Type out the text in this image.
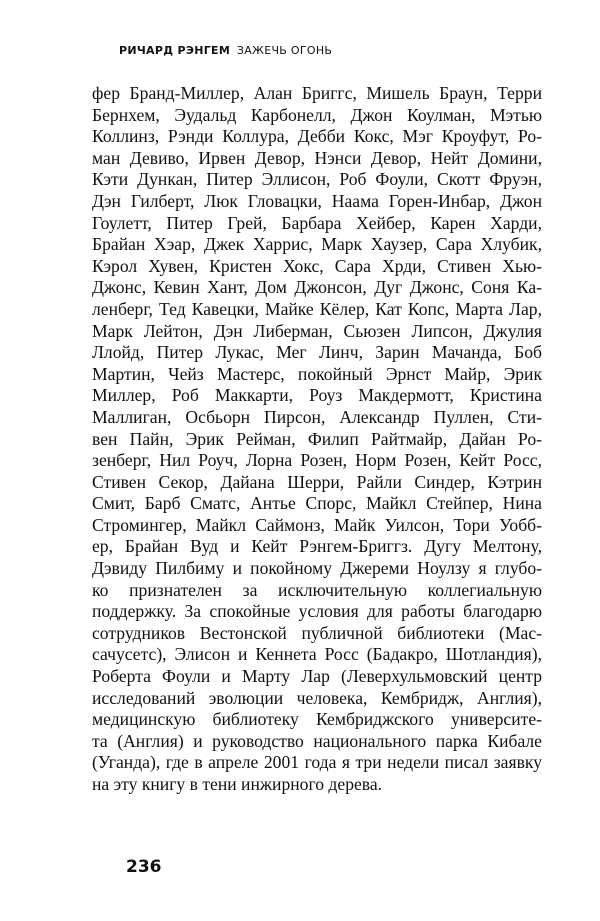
РИЧАРД РЭНГЕМ ЗАЖЕЧЬ ОГОНЬ
фер Бранд-Миллер, Алан Бриггс, Мишель Браун, Терри
Бернхем, Эудальд Карбонелл, Джон Коулман, Мэтью
Коллинз, Рэнди Коллура, Дебби Кокс, Мэг Кроуфут, Ро-
ман Девиво, Ирвен Девор, Нэнси Девор, Нейт Домини,
Кэти Дункан, Питер Эллисон, Роб Фоули, Скотт Фруэн,
Дэн Гилберт, Люк Гловацки, Наама Горен-Инбар, Джон
Гоулетт, Питер Грей, Барбара Хейбер, Карен Харди,
Брайан Хэар, Джек Харрис, Марк Хаузер, Сара Хлубик,
Кэрол Хувен, Кристен Хокс, Сара Хрди, Стивен Хью-
Джонс, Кевин Хант, Дом Джонсон, Дуг Джонс, Соня Ка-
ленберг, Тед Кавецки, Майке Кёлер, Кат Копс, Марта Лар,
Марк Лейтон, Дэн Либерман, Сьюзен Липсон, Джулия
Ллойд, Питер Лукас, Мег Линч, Зарин Мачанда, Боб
Мартин, Чейз Мастерс, покойный Эрнст Майр, Эрик
Миллер, Роб Маккарти, Роуз Макдермотт, Кристина
Маллиган, Осбьорн Пирсон, Александр Пуллен, Сти-
вен Пайн, Эрик Рейман, Филип Райтмайр, Дайан Ро-
зенберг, Нил Роуч, Лорна Розен, Норм Розен, Кейт Росс,
Стивен Секор, Дайана Шерри, Райли Синдер, Кэтрин
Смит, Барб Сматс, Антье Спорс, Майкл Стейпер, Нина
Стромингер, Майкл Саймонз, Майк Уилсон, Тори Уобб-
ер, Брайан Вуд и Кейт Рэнгем-Бриггз. Дугу Мелтону,
Дэвиду Пилбиму и покойному Джереми Ноулзу я глубо-
ко признателен за исключительную коллегиальную
поддержку. За спокойные условия для работы благодарю
сотрудников Вестонской публичной библиотеки (Мас-
сачусетс), Элисон и Кеннета Росс (Бадакро, Шотландия),
Роберта Фоули и Марту Лар (Леверхульмовский центр
исследований эволюции человека, Кембридж, Англия),
медицинскую библиотеку Кембриджского университе-
та (Англия) и руководство национального парка Кибале
(Уганда), где в апреле 2001 года я три недели писал заявку
на эту книгу в тени инжирного дерева.
236
